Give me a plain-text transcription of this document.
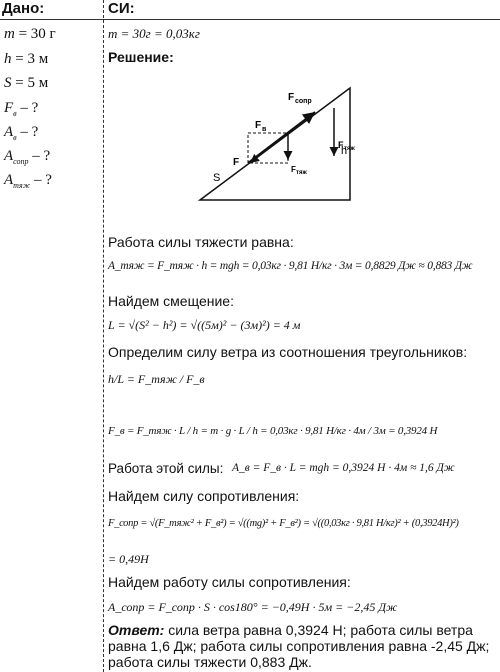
Дано:
m = 30 г
h = 3 м
S = 5 м
$F_в$ – ?
$A_в$ – ?
$A_{сопр}$ – ?
$A_{тяж}$ – ?
СИ:
m = 30г = 0,03кг
Решение:
h
S
F
F сопр
F в
F тяж
F тяж
Работа силы тяжести равна:
A_тяж = F_тяж · h = mgh = 0,03кг · 9,81 Н/кг · 3м = 0,8829 Дж ≈ 0,883 Дж
Найдем смещение:
L = √(S² − h²) = √((5м)² − (3м)²) = 4 м
Определим силу ветра из соотношения треугольников:
h/L = F_тяж / F_в
F_в = F_тяж · L / h = m · g · L / h = 0,03кг · 9,81 Н/кг · 4м / 3м = 0,3924 Н
Работа этой силы: A_в = F_в · L = mgh = 0,3924 Н · 4м ≈ 1,6 Дж
Найдем силу сопротивления:
F_сопр = √(F_тяж² + F_в²) = √((mg)² + F_в²) = √((0,03кг · 9,81 Н/кг)² + (0,3924Н)²)
= 0,49Н
Найдем работу силы сопротивления:
A_сопр = F_сопр · S · cos180° = −0,49Н · 5м = −2,45 Дж
Ответ: сила ветра равна 0,3924 Н; работа силы ветра равна 1,6 Дж; работа силы сопротивления равна -2,45 Дж; работа силы тяжести 0,883 Дж.
